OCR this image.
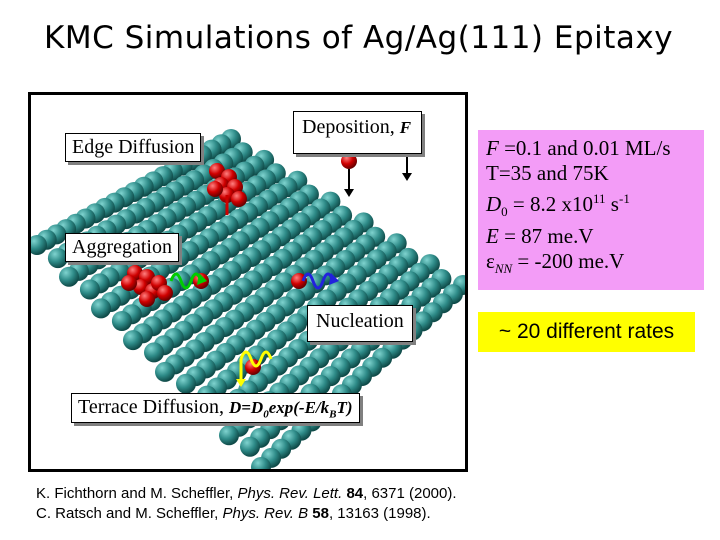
KMC Simulations of Ag/Ag(111) Epitaxy
Edge Diffusion
Deposition, F
Aggregation
Nucleation
Terrace Diffusion, $D=D_0\exp(-E/k_BT)$
F =0.1 and 0.01 ML/s
T=35 and 75K
$D_0 = 8.2$ $x10^{11}$ $s^{-1}$
E = 87 me.V
$\varepsilon_{NN} = -200$ me.V
~ 20 different rates
K. Fichthorn and M. Scheffler, Phys. Rev. Lett. 84, 6371 (2000).
C. Ratsch and M. Scheffler, Phys. Rev. B 58, 13163 (1998).
